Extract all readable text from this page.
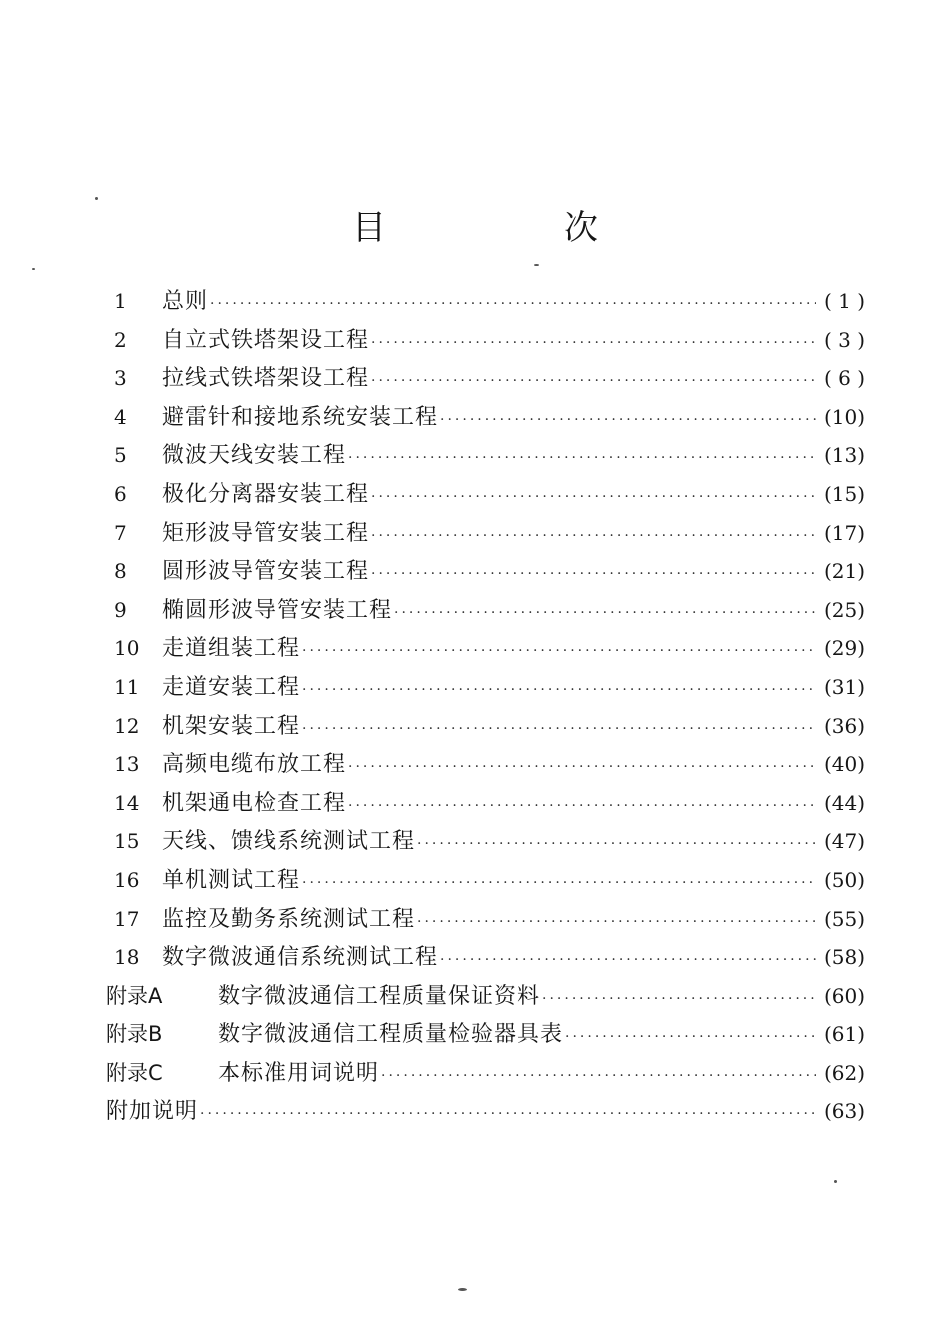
目　次
1	总则 ·····	( 1 )
2	自立式铁塔架设工程 ·····	( 3 )
3	拉线式铁塔架设工程 ·····	( 6 )
4	避雷针和接地系统安装工程 ·····	(10)
5	微波天线安装工程 ·····	(13)
6	极化分离器安装工程 ·····	(15)
7	矩形波导管安装工程 ·····	(17)
8	圆形波导管安装工程 ·····	(21)
9	椭圆形波导管安装工程 ·····	(25)
10	走道组装工程 ·····	(29)
11	走道安装工程 ·····	(31)
12	机架安装工程 ·····	(36)
13	高频电缆布放工程 ·····	(40)
14	机架通电检查工程 ·····	(44)
15	天线、馈线系统测试工程 ·····	(47)
16	单机测试工程 ·····	(50)
17	监控及勤务系统测试工程 ·····	(55)
18	数字微波通信系统测试工程 ·····	(58)
附录A	数字微波通信工程质量保证资料 ·····	(60)
附录B	数字微波通信工程质量检验器具表 ·····	(61)
附录C	本标准用词说明 ·····	(62)
附加说明 ·····	(63)
